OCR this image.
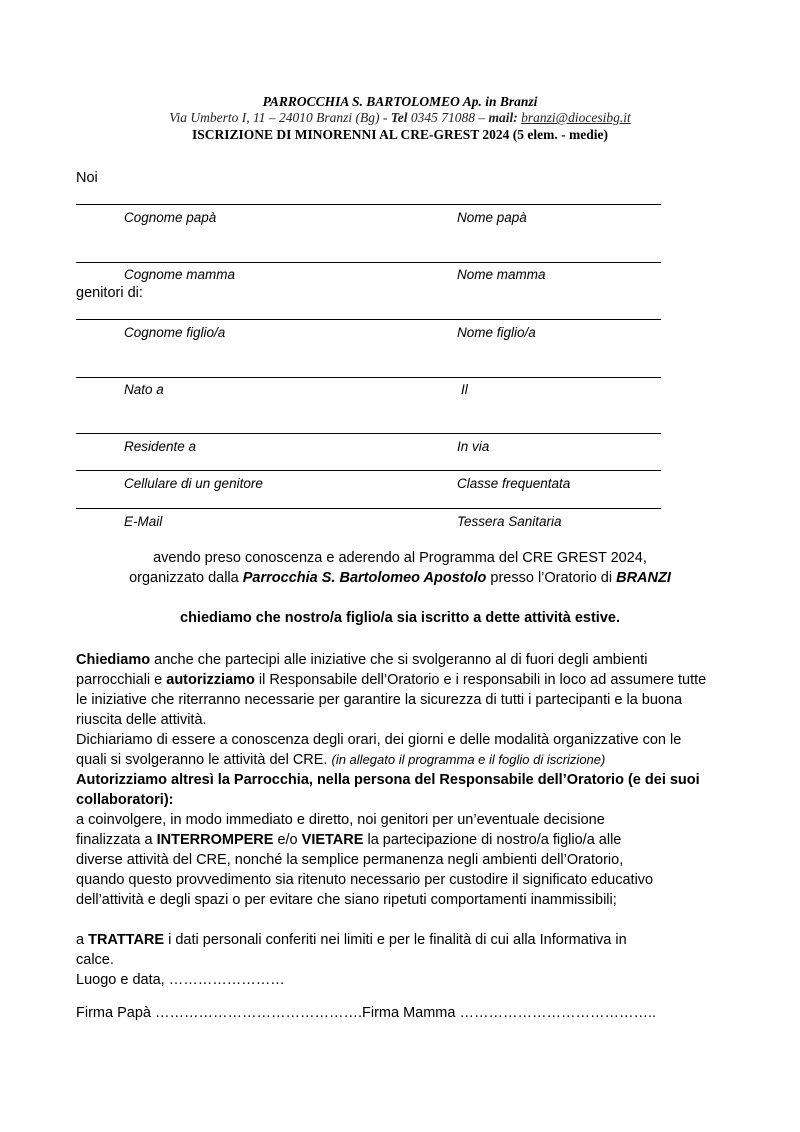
PARROCCHIA S. BARTOLOMEO Ap. in Branzi
Via Umberto I, 11 – 24010 Branzi (Bg) - Tel 0345 71088 – mail: branzi@diocesibg.it
ISCRIZIONE DI MINORENNI AL CRE-GREST 2024 (5 elem. - medie)
Noi
Cognome papà	Nome papà
Cognome mamma	Nome mamma
genitori di:
Cognome figlio/a	Nome figlio/a
Nato a	Il
Residente a	In via
Cellulare di un genitore	Classe frequentata
E-Mail	Tessera Sanitaria
avendo preso conoscenza e aderendo al Programma del CRE GREST 2024,
organizzato dalla Parrocchia S. Bartolomeo Apostolo presso l’Oratorio di BRANZI
chiediamo che nostro/a figlio/a sia iscritto a dette attività estive.

Chiediamo anche che partecipi alle iniziative che si svolgeranno al di fuori degli ambienti

parrocchiali e autorizziamo il Responsabile dell’Oratorio e i responsabili in loco ad assumere tutte

le iniziative che riterranno necessarie per garantire la sicurezza di tutti i partecipanti e la buona

riuscita delle attività.

Dichiariamo di essere a conoscenza degli orari, dei giorni e delle modalità organizzative con le

quali si svolgeranno le attività del CRE. (in allegato il programma e il foglio di iscrizione)

Autorizziamo altresì la Parrocchia, nella persona del Responsabile dell’Oratorio (e dei suoi

collaboratori):

a coinvolgere, in modo immediato e diretto, noi genitori per un’eventuale decisione

finalizzata a INTERROMPERE e/o VIETARE la partecipazione di nostro/a figlio/a alle

diverse attività del CRE, nonché la semplice permanenza negli ambienti dell’Oratorio,

quando questo provvedimento sia ritenuto necessario per custodire il significato educativo

dell’attività e degli spazi o per evitare che siano ripetuti comportamenti inammissibili;

a TRATTARE i dati personali conferiti nei limiti e per le finalità di cui alla Informativa in

calce.

Luogo e data, ……………………

Firma Papà …………………………………….Firma Mamma …………………………………..
